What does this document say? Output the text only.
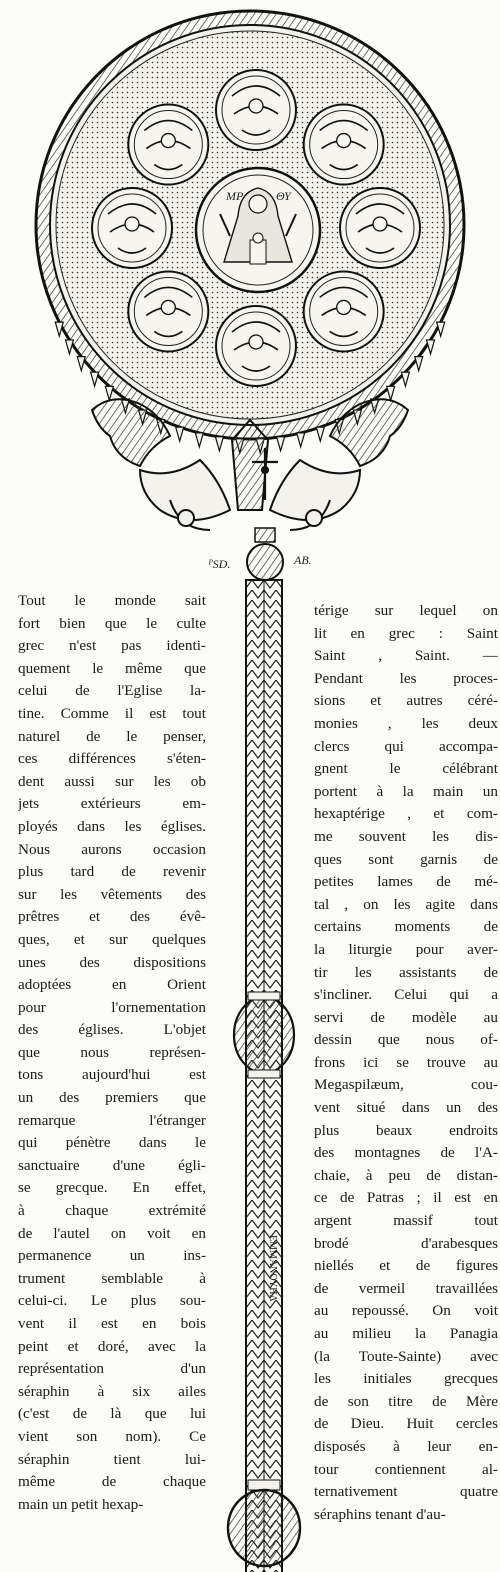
ΜΡ	ΘΥ
ᴾSD.	AB.
ΕΜΜΑΝΟΥΗΛ
Tout le monde sait
fort bien que le culte
grec n'est pas identi-
quement le même que
celui de l'Eglise la-
tine. Comme il est tout
naturel de le penser,
ces différences s'éten-
dent aussi sur les ob
jets extérieurs em-
ployés dans les églises.
Nous aurons occasion
plus tard de revenir
sur les vêtements des
prêtres et des évê-
ques, et sur quelques
unes des dispositions
adoptées en Orient
pour l'ornementation
des églises. L'objet
que nous représen-
tons aujourd'hui est
un des premiers que
remarque l'étranger
qui pénètre dans le
sanctuaire d'une égli-
se grecque. En effet,
à chaque extrémité
de l'autel on voit en
permanence un ins-
trument semblable à
celui-ci. Le plus sou-
vent il est en bois
peint et doré, avec la
représentation d'un
séraphin à six ailes
(c'est de là que lui
vient son nom). Ce
séraphin tient lui-
même de chaque
main un petit hexap-
térige sur lequel on
lit en grec : Saint
Saint , Saint. —
Pendant les proces-
sions et autres céré-
monies , les deux
clercs qui accompa-
gnent le célébrant
portent à la main un
hexaptérige , et com-
me souvent les dis-
ques sont garnis de
petites lames de mé-
tal , on les agite dans
certains moments de
la liturgie pour aver-
tir les assistants de
s'incliner. Celui qui a
servi de modèle au
dessin que nous of-
frons ici se trouve au
Megaspilæum, cou-
vent situé dans un des
plus beaux endroits
des montagnes de l'A-
chaie, à peu de distan-
ce de Patras ; il est en
argent massif tout
brodé d'arabesques
niellés et de figures
de vermeil travaillées
au repoussé. On voit
au milieu la Panagia
(la Toute-Sainte) avec
les initiales grecques
de son titre de Mère
de Dieu. Huit cercles
disposés à leur en-
tour contiennent al-
ternativement quatre
séraphins tenant d'au-
